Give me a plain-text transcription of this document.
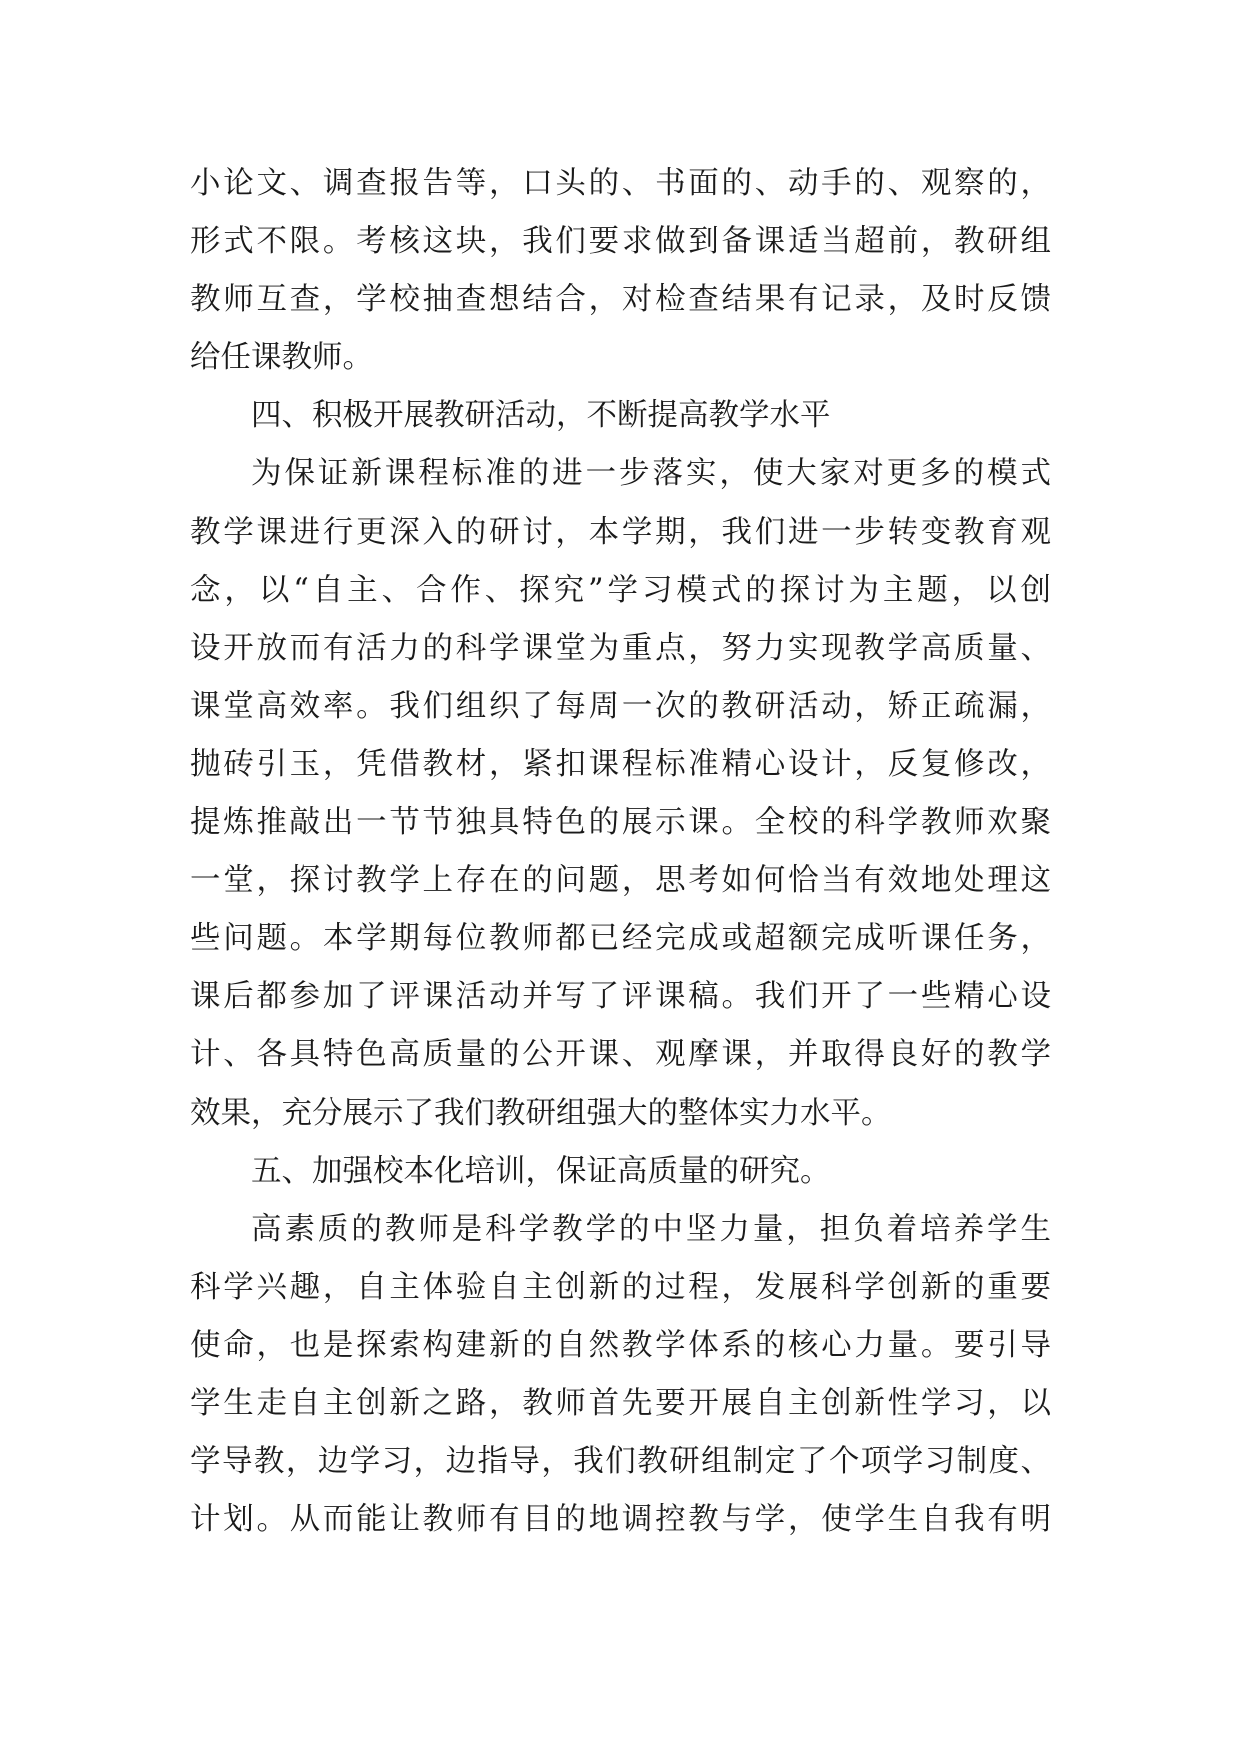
小论文、调查报告等，口头的、书面的、动手的、观察的，
形式不限。考核这块，我们要求做到备课适当超前，教研组
教师互查，学校抽查想结合，对检查结果有记录，及时反馈
给任课教师。
四、积极开展教研活动，不断提高教学水平
为保证新课程标准的进一步落实，使大家对更多的模式
教学课进行更深入的研讨，本学期，我们进一步转变教育观
念，以“自主、合作、探究”学习模式的探讨为主题，以创
设开放而有活力的科学课堂为重点，努力实现教学高质量、
课堂高效率。我们组织了每周一次的教研活动，矫正疏漏，
抛砖引玉，凭借教材，紧扣课程标准精心设计，反复修改，
提炼推敲出一节节独具特色的展示课。全校的科学教师欢聚
一堂，探讨教学上存在的问题，思考如何恰当有效地处理这
些问题。本学期每位教师都已经完成或超额完成听课任务，
课后都参加了评课活动并写了评课稿。我们开了一些精心设
计、各具特色高质量的公开课、观摩课，并取得良好的教学
效果，充分展示了我们教研组强大的整体实力水平。
五、加强校本化培训，保证高质量的研究。
高素质的教师是科学教学的中坚力量，担负着培养学生
科学兴趣，自主体验自主创新的过程，发展科学创新的重要
使命，也是探索构建新的自然教学体系的核心力量。要引导
学生走自主创新之路，教师首先要开展自主创新性学习，以
学导教，边学习，边指导，我们教研组制定了个项学习制度、
计划。从而能让教师有目的地调控教与学，使学生自我有明
